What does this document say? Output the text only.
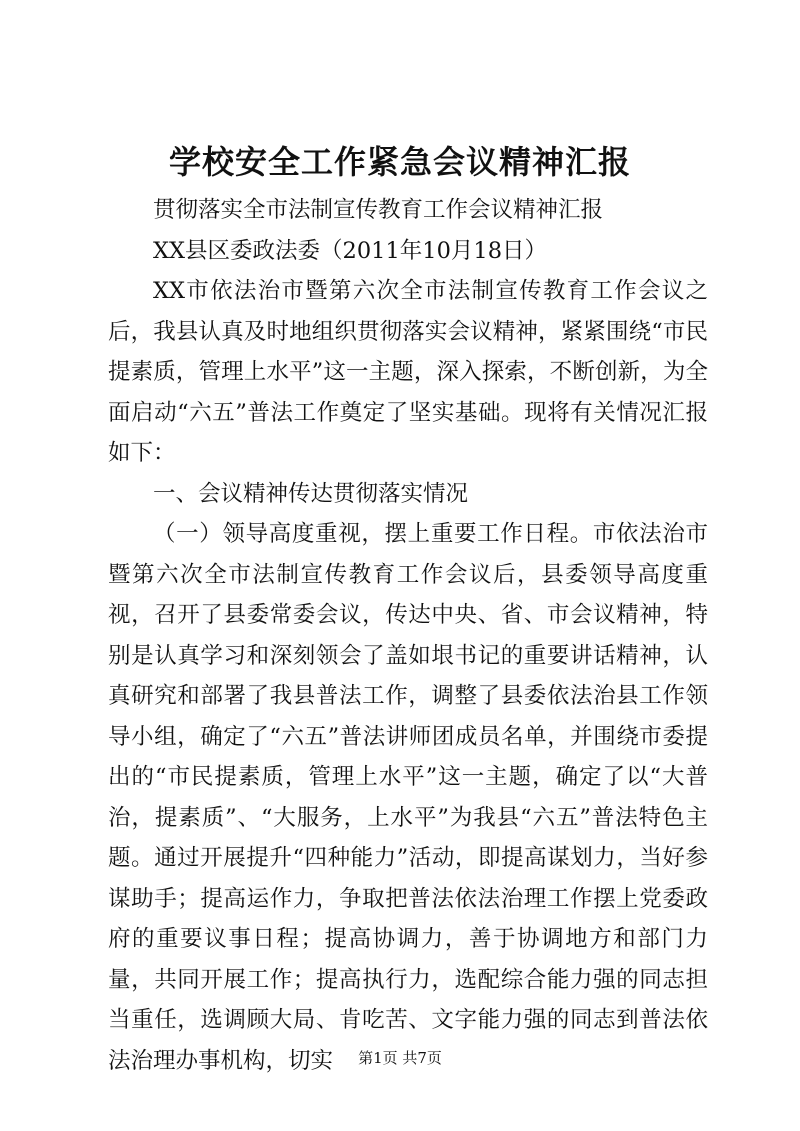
学校安全工作紧急会议精神汇报

贯彻落实全市法制宣传教育工作会议精神汇报

XX县区委政法委（2011年10月18日）

XX市依法治市暨第六次全市法制宣传教育工作会议之后，我县认真及时地组织贯彻落实会议精神，紧紧围绕“市民提素质，管理上水平”这一主题，深入探索，不断创新，为全面启动“六五”普法工作奠定了坚实基础。现将有关情况汇报如下：

一、会议精神传达贯彻落实情况

（一）领导高度重视，摆上重要工作日程。市依法治市暨第六次全市法制宣传教育工作会议后，县委领导高度重视，召开了县委常委会议，传达中央、省、市会议精神，特别是认真学习和深刻领会了盖如垠书记的重要讲话精神，认真研究和部署了我县普法工作，调整了县委依法治县工作领导小组，确定了“六五”普法讲师团成员名单，并围绕市委提出的“市民提素质，管理上水平”这一主题，确定了以“大普治，提素质”、“大服务，上水平”为我县“六五”普法特色主题。通过开展提升“四种能力”活动，即提高谋划力，当好参谋助手；提高运作力，争取把普法依法治理工作摆上党委政府的重要议事日程；提高协调力，善于协调地方和部门力量，共同开展工作；提高执行力，选配综合能力强的同志担当重任，选调顾大局、肯吃苦、文字能力强的同志到普法依法治理办事机构，切实	第1页 共7页
